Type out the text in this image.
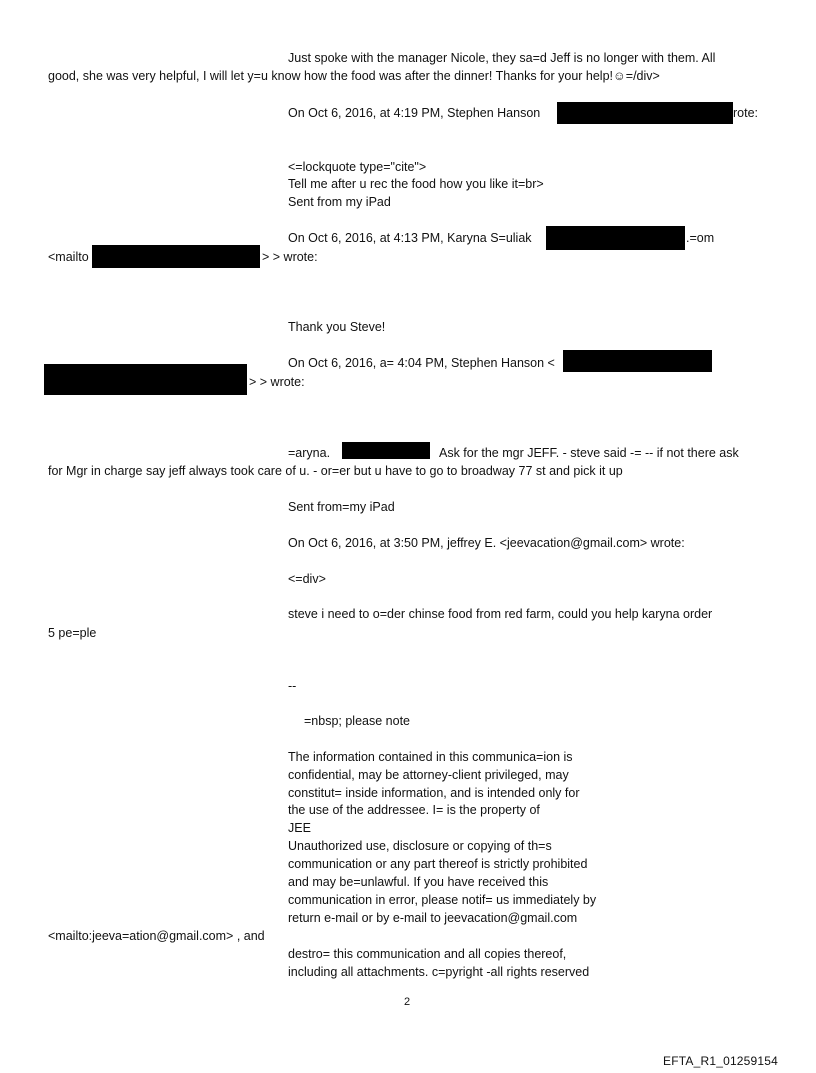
Just spoke with the manager Nicole, they sa=d Jeff is no longer with them. All
good, she was very helpful, I will let y=u know how the food was after the dinner! Thanks for your help!☺=/div>
On Oct 6, 2016, at 4:19 PM, Stephen Hanson	rote:
<=lockquote type="cite">
Tell me after u rec the food how you like it=br>
Sent from my iPad
On Oct 6, 2016, at 4:13 PM, Karyna S=uliak	.=om
<mailto	> > wrote:
Thank you Steve!
On Oct 6, 2016, a= 4:04 PM, Stephen Hanson <
> > wrote:
=aryna.	Ask for the mgr JEFF. - steve said -= -- if not there ask
for Mgr in charge say jeff always took care of u. - or=er but u have to go to broadway 77 st and pick it up
Sent from=my iPad
On Oct 6, 2016, at 3:50 PM, jeffrey E. <jeevacation@gmail.com> wrote:
<=div>
steve i need to o=der chinse food from red farm, could you help karyna order
5 pe=ple
--
=nbsp; please note
The information contained in this communica=ion is
confidential, may be attorney-client privileged, may
constitut= inside information, and is intended only for
the use of the addressee. I= is the property of
JEE
Unauthorized use, disclosure or copying of th=s
communication or any part thereof is strictly prohibited
and may be=unlawful. If you have received this
communication in error, please notif= us immediately by
return e-mail or by e-mail to jeevacation@gmail.com
<mailto:jeeva=ation@gmail.com> , and
destro= this communication and all copies thereof,
including all attachments. c=pyright -all rights reserved
2
EFTA_R1_01259154
